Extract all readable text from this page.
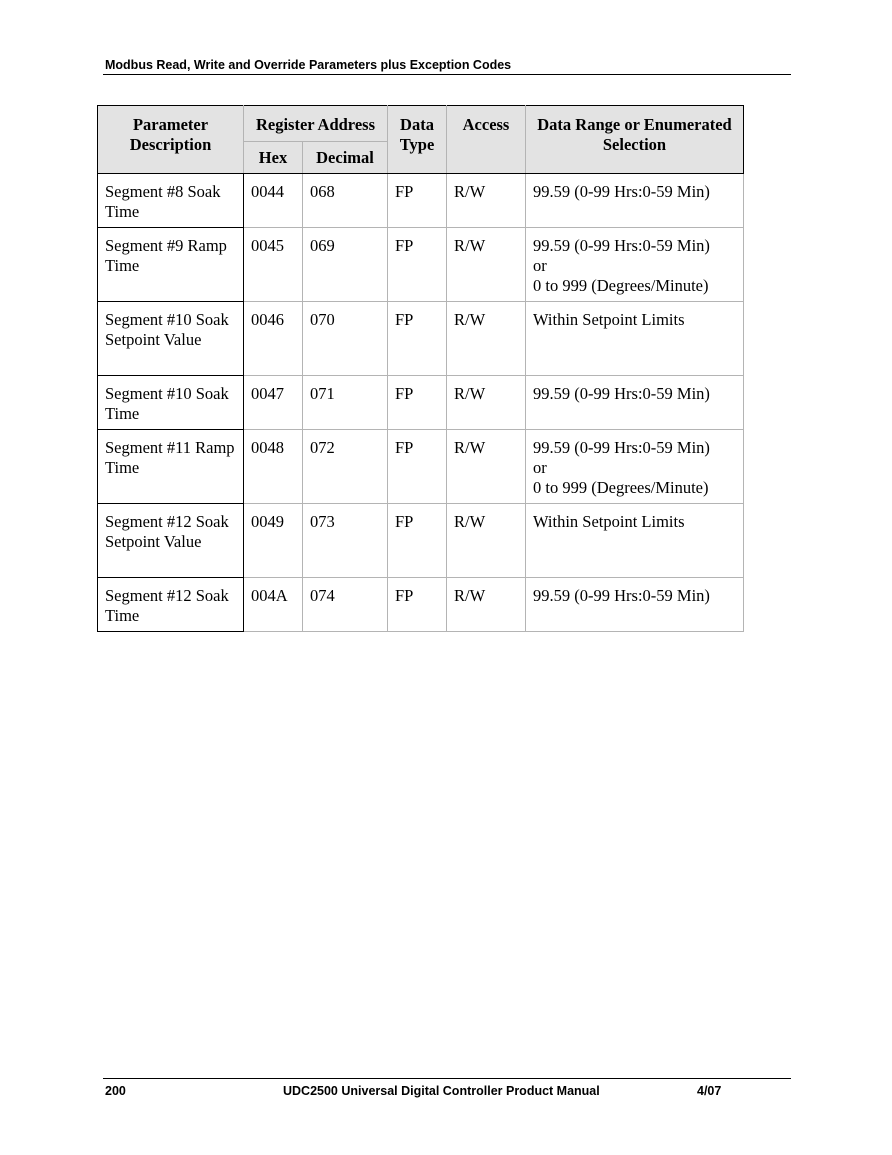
Modbus Read, Write and Override Parameters plus Exception Codes
Parameter Description	Register Address		Data Type	Access	Data Range or Enumerated Selection
	Hex	Decimal			
Segment #8 Soak Time	0044	068	FP	R/W	99.59 (0-99 Hrs:0-59 Min)

Segment #9 Ramp Time	0045	069	FP	R/W	99.59 (0-99 Hrs:0-59 Min)
or
0 to 999 (Degrees/Minute)

Segment #10 Soak Setpoint Value	0046	070	FP	R/W	Within Setpoint Limits

Segment #10 Soak Time	0047	071	FP	R/W	99.59 (0-99 Hrs:0-59 Min)

Segment #11 Ramp Time	0048	072	FP	R/W	99.59 (0-99 Hrs:0-59 Min)
or
0 to 999 (Degrees/Minute)

Segment #12 Soak Setpoint Value	0049	073	FP	R/W	Within Setpoint Limits

Segment #12 Soak Time	004A	074	FP	R/W	99.59 (0-99 Hrs:0-59 Min)
200	UDC2500 Universal Digital Controller Product Manual	4/07
